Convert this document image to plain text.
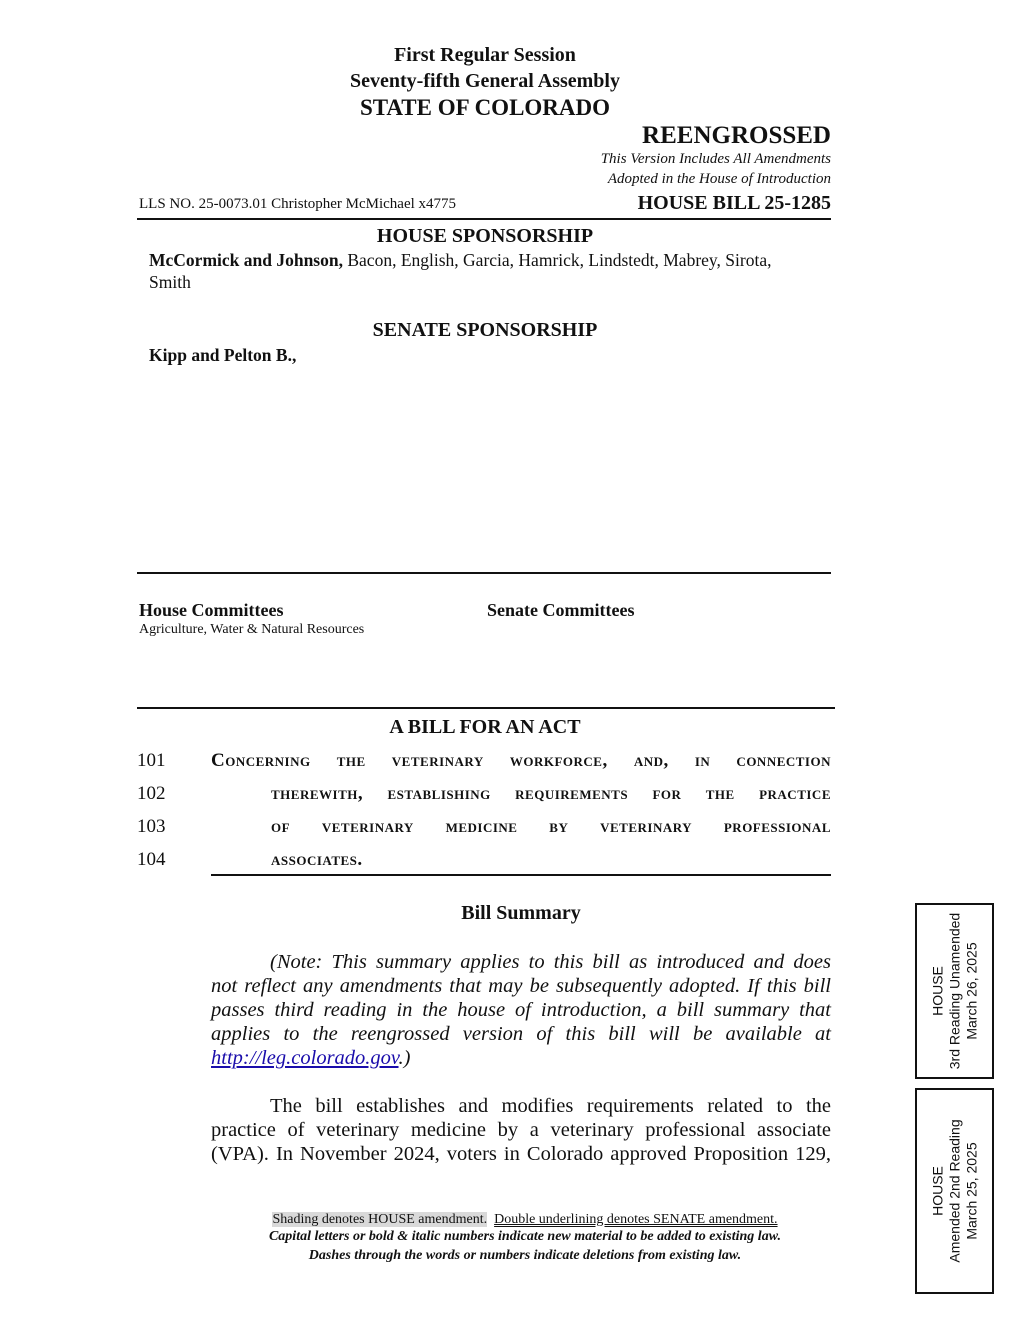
First Regular Session
Seventy-fifth General Assembly
STATE OF COLORADO
REENGROSSED
This Version Includes All Amendments
Adopted in the House of Introduction
LLS NO. 25-0073.01 Christopher McMichael x4775	HOUSE BILL 25-1285
HOUSE SPONSORSHIP
McCormick and Johnson, Bacon, English, Garcia, Hamrick, Lindstedt, Mabrey, Sirota,
Smith
SENATE SPONSORSHIP
Kipp and Pelton B.,
House Committees
Agriculture, Water & Natural Resources
Senate Committees
A BILL FOR AN ACT
101 Concerning the veterinary workforce, and, in connection
102	therewith, establishing requirements for the practice
103	of veterinary medicine by veterinary professional
104	associates.
Bill Summary
(Note: This summary applies to this bill as introduced and does
not reflect any amendments that may be subsequently adopted. If this bill
passes third reading in the house of introduction, a bill summary that
applies to the reengrossed version of this bill will be available at
http://leg.colorado.gov.)
The bill establishes and modifies requirements related to the
practice of veterinary medicine by a veterinary professional associate
(VPA). In November 2024, voters in Colorado approved Proposition 129,
Shading denotes HOUSE amendment. Double underlining denotes SENATE amendment.
Capital letters or bold & italic numbers indicate new material to be added to existing law.
Dashes through the words or numbers indicate deletions from existing law.
HOUSE 3rd Reading Unamended March 26, 2025
HOUSE Amended 2nd Reading March 25, 2025
